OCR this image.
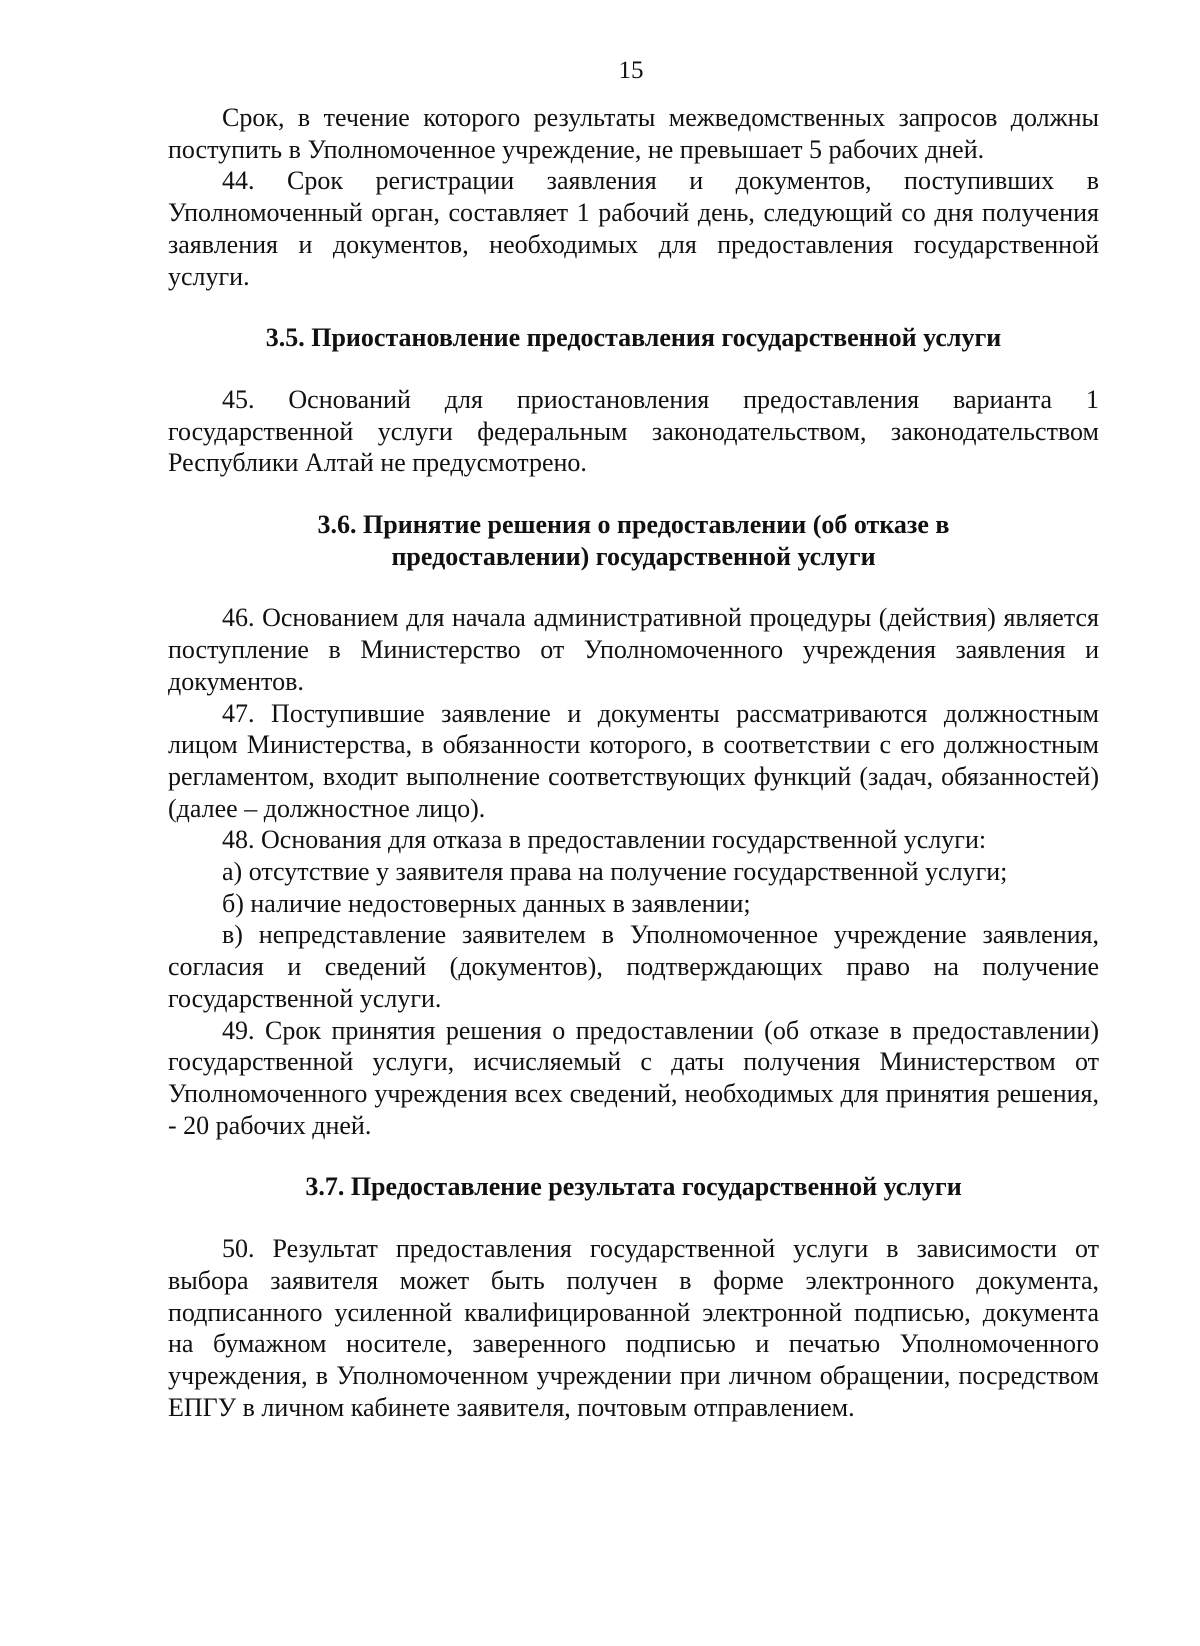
15

Срок, в течение которого результаты межведомственных запросов должны поступить в Уполномоченное учреждение, не превышает 5 рабочих дней.

44. Срок регистрации заявления и документов, поступивших в Уполномоченный орган, составляет 1 рабочий день, следующий со дня получения заявления и документов, необходимых для предоставления государственной услуги.

3.5. Приостановление предоставления государственной услуги

45. Оснований для приостановления предоставления варианта 1 государственной услуги федеральным законодательством, законодательством Республики Алтай не предусмотрено.

3.6. Принятие решения о предоставлении (об отказе в предоставлении) государственной услуги

46. Основанием для начала административной процедуры (действия) является поступление в Министерство от Уполномоченного учреждения заявления и документов.

47. Поступившие заявление и документы рассматриваются должностным лицом Министерства, в обязанности которого, в соответствии с его должностным регламентом, входит выполнение соответствующих функций (задач, обязанностей) (далее – должностное лицо).

48. Основания для отказа в предоставлении государственной услуги:

а) отсутствие у заявителя права на получение государственной услуги;

б) наличие недостоверных данных в заявлении;

в) непредставление заявителем в Уполномоченное учреждение заявления, согласия и сведений (документов), подтверждающих право на получение государственной услуги.

49. Срок принятия решения о предоставлении (об отказе в предоставлении) государственной услуги, исчисляемый с даты получения Министерством от Уполномоченного учреждения всех сведений, необходимых для принятия решения, - 20 рабочих дней.

3.7. Предоставление результата государственной услуги

50. Результат предоставления государственной услуги в зависимости от выбора заявителя может быть получен в форме электронного документа, подписанного усиленной квалифицированной электронной подписью, документа на бумажном носителе, заверенного подписью и печатью Уполномоченного учреждения, в Уполномоченном учреждении при личном обращении, посредством ЕПГУ в личном кабинете заявителя, почтовым отправлением.
